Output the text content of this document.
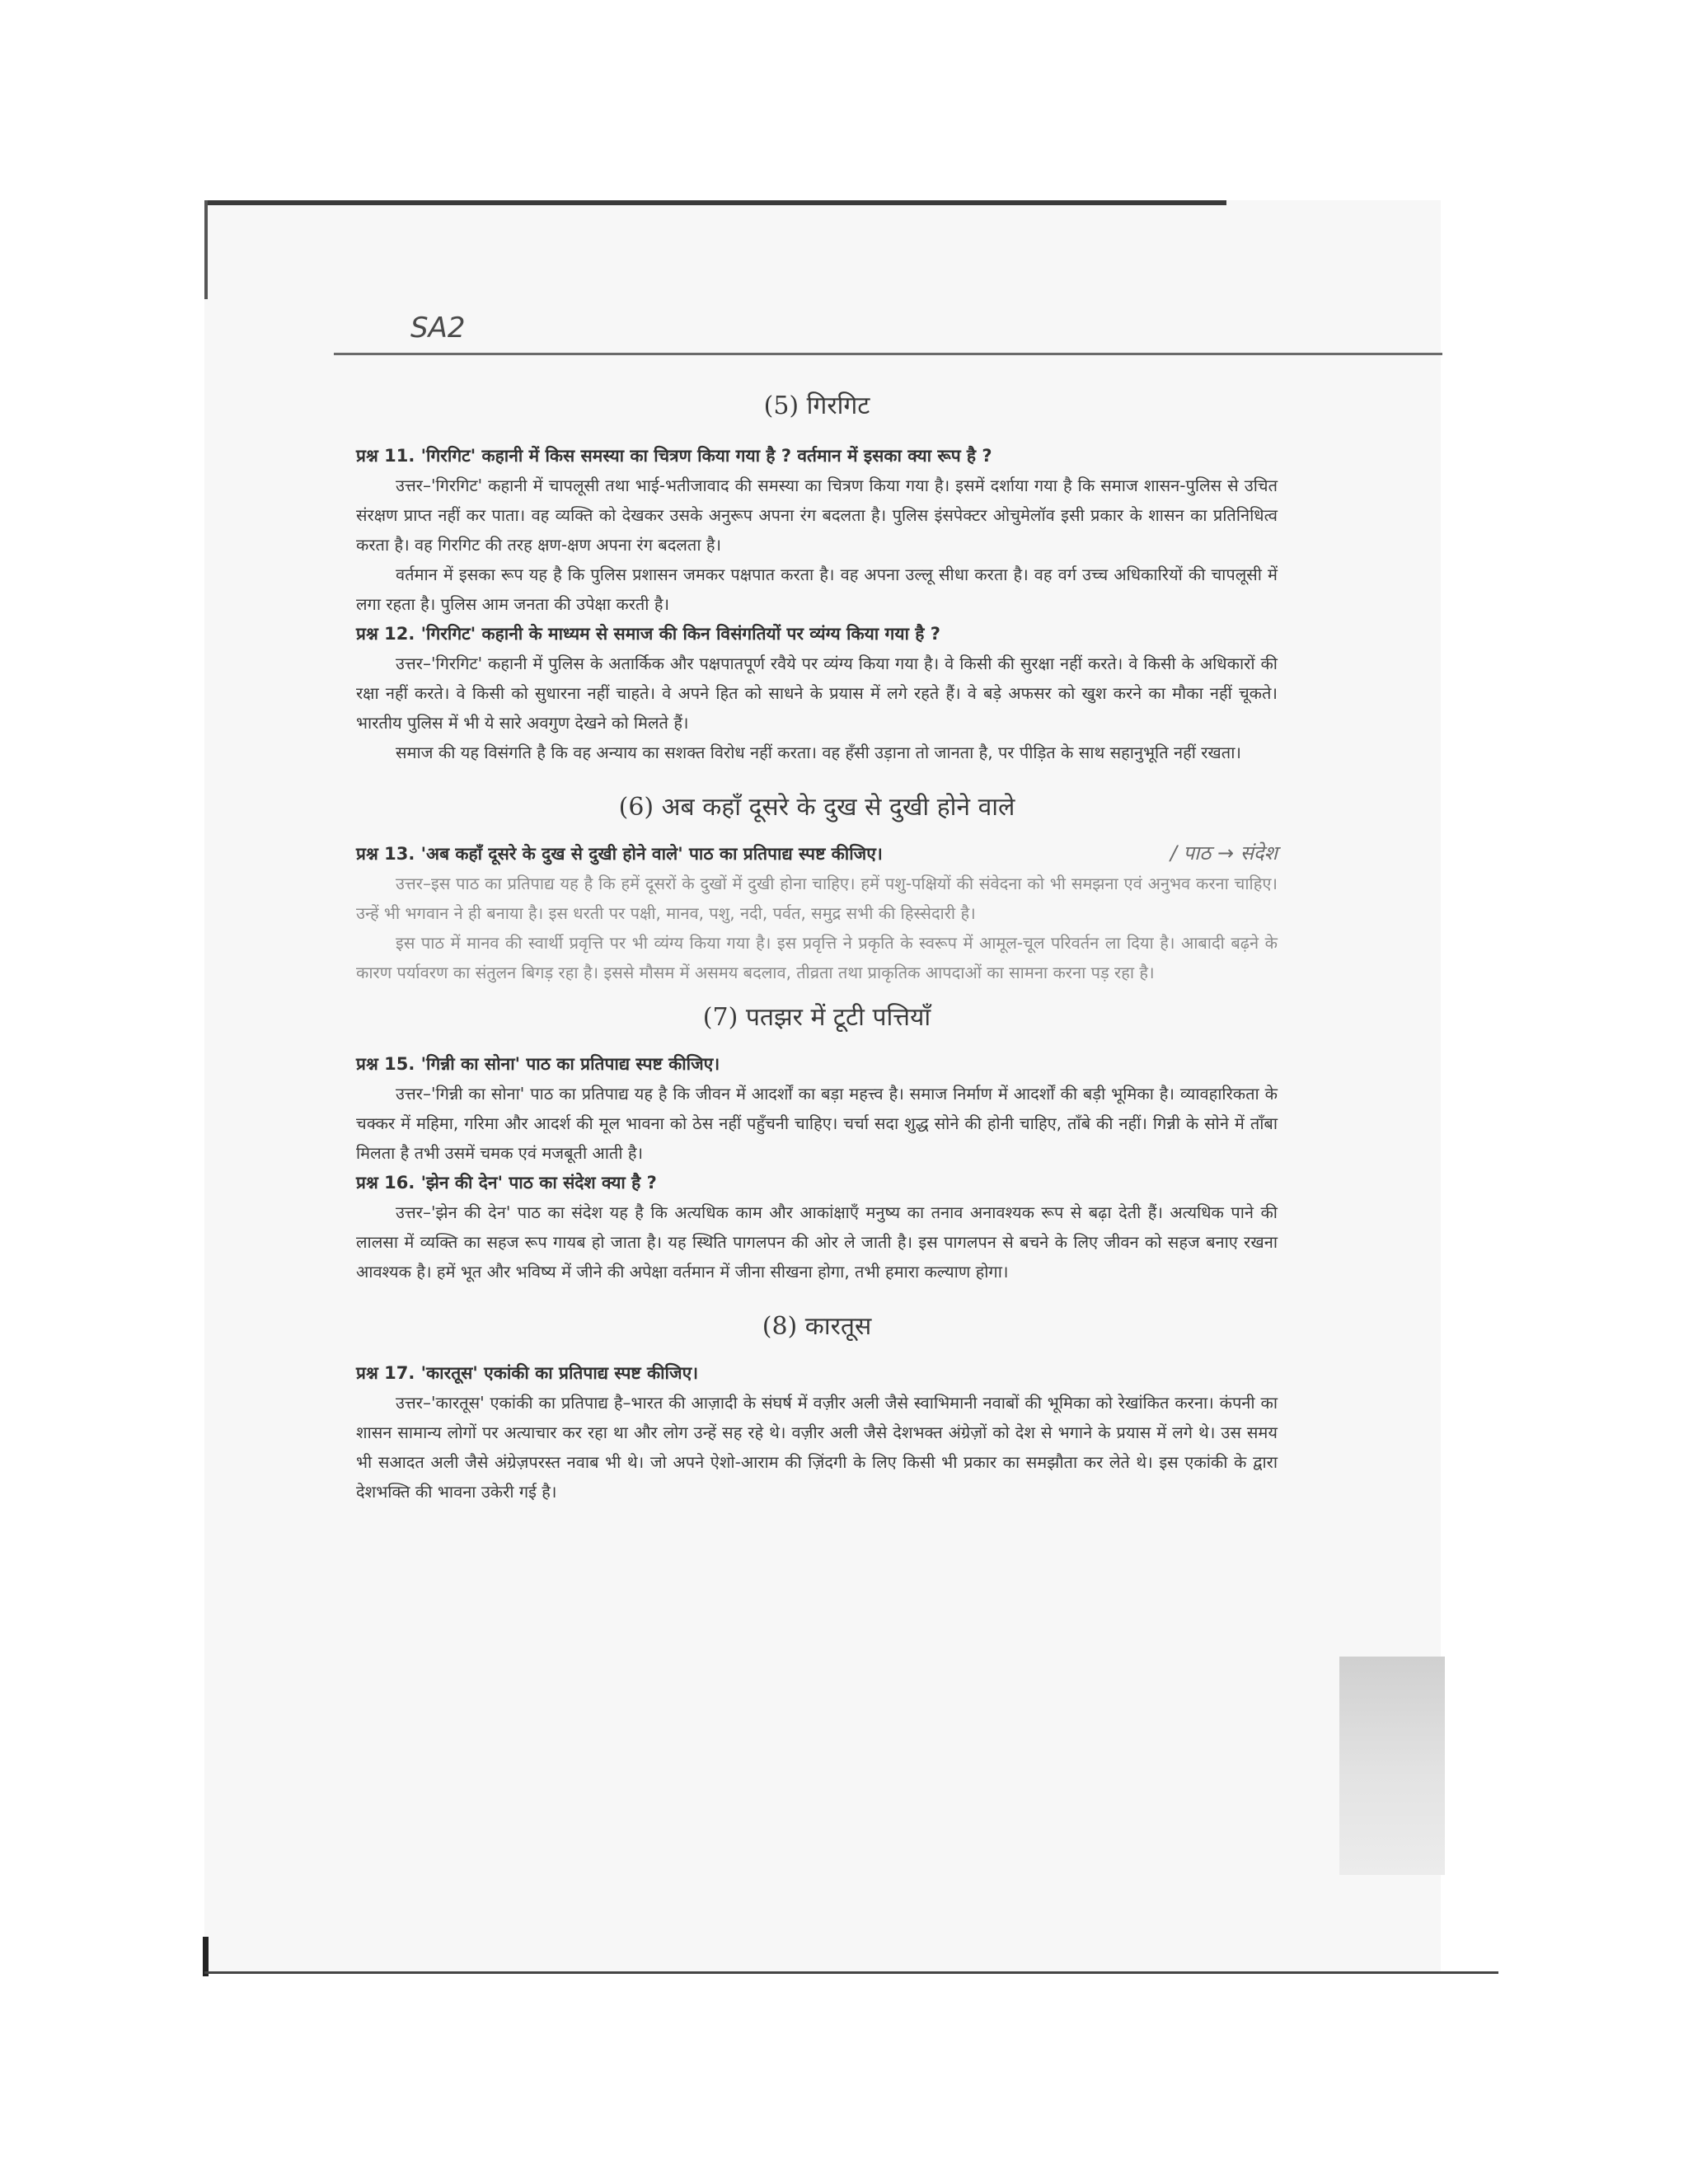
SA2
(5) गिरगिट

प्रश्न 11. 'गिरगिट' कहानी में किस समस्या का चित्रण किया गया है ? वर्तमान में इसका क्या रूप है ?

उत्तर–'गिरगिट' कहानी में चापलूसी तथा भाई-भतीजावाद की समस्या का चित्रण किया गया है। इसमें दर्शाया गया है कि समाज शासन-पुलिस से उचित संरक्षण प्राप्त नहीं कर पाता। वह व्यक्ति को देखकर उसके अनुरूप अपना रंग बदलता है। पुलिस इंसपेक्टर ओचुमेलॉव इसी प्रकार के शासन का प्रतिनिधित्व करता है। वह गिरगिट की तरह क्षण-क्षण अपना रंग बदलता है।

वर्तमान में इसका रूप यह है कि पुलिस प्रशासन जमकर पक्षपात करता है। वह अपना उल्लू सीधा करता है। वह वर्ग उच्च अधिकारियों की चापलूसी में लगा रहता है। पुलिस आम जनता की उपेक्षा करती है।

प्रश्न 12. 'गिरगिट' कहानी के माध्यम से समाज की किन विसंगतियों पर व्यंग्य किया गया है ?

उत्तर–'गिरगिट' कहानी में पुलिस के अतार्किक और पक्षपातपूर्ण रवैये पर व्यंग्य किया गया है। वे किसी की सुरक्षा नहीं करते। वे किसी के अधिकारों की रक्षा नहीं करते। वे किसी को सुधारना नहीं चाहते। वे अपने हित को साधने के प्रयास में लगे रहते हैं। वे बड़े अफसर को खुश करने का मौका नहीं चूकते। भारतीय पुलिस में भी ये सारे अवगुण देखने को मिलते हैं।

समाज की यह विसंगति है कि वह अन्याय का सशक्त विरोध नहीं करता। वह हँसी उड़ाना तो जानता है, पर पीड़ित के साथ सहानुभूति नहीं रखता।

(6) अब कहाँ दूसरे के दुख से दुखी होने वाले

प्रश्न 13. 'अब कहाँ दूसरे के दुख से दुखी होने वाले' पाठ का प्रतिपाद्य स्पष्ट कीजिए।	/ पाठ → संदेश

उत्तर–इस पाठ का प्रतिपाद्य यह है कि हमें दूसरों के दुखों में दुखी होना चाहिए। हमें पशु-पक्षियों की संवेदना को भी समझना एवं अनुभव करना चाहिए। उन्हें भी भगवान ने ही बनाया है। इस धरती पर पक्षी, मानव, पशु, नदी, पर्वत, समुद्र सभी की हिस्सेदारी है।

इस पाठ में मानव की स्वार्थी प्रवृत्ति पर भी व्यंग्य किया गया है। इस प्रवृत्ति ने प्रकृति के स्वरूप में आमूल-चूल परिवर्तन ला दिया है। आबादी बढ़ने के कारण पर्यावरण का संतुलन बिगड़ रहा है। इससे मौसम में असमय बदलाव, तीव्रता तथा प्राकृतिक आपदाओं का सामना करना पड़ रहा है।

(7) पतझर में टूटी पत्तियाँ

प्रश्न 15. 'गिन्नी का सोना' पाठ का प्रतिपाद्य स्पष्ट कीजिए।

उत्तर–'गिन्नी का सोना' पाठ का प्रतिपाद्य यह है कि जीवन में आदर्शों का बड़ा महत्त्व है। समाज निर्माण में आदर्शों की बड़ी भूमिका है। व्यावहारिकता के चक्कर में महिमा, गरिमा और आदर्श की मूल भावना को ठेस नहीं पहुँचनी चाहिए। चर्चा सदा शुद्ध सोने की होनी चाहिए, ताँबे की नहीं। गिन्नी के सोने में ताँबा मिलता है तभी उसमें चमक एवं मजबूती आती है।

प्रश्न 16. 'झेन की देन' पाठ का संदेश क्या है ?

उत्तर–'झेन की देन' पाठ का संदेश यह है कि अत्यधिक काम और आकांक्षाएँ मनुष्य का तनाव अनावश्यक रूप से बढ़ा देती हैं। अत्यधिक पाने की लालसा में व्यक्ति का सहज रूप गायब हो जाता है। यह स्थिति पागलपन की ओर ले जाती है। इस पागलपन से बचने के लिए जीवन को सहज बनाए रखना आवश्यक है। हमें भूत और भविष्य में जीने की अपेक्षा वर्तमान में जीना सीखना होगा, तभी हमारा कल्याण होगा।

(8) कारतूस

प्रश्न 17. 'कारतूस' एकांकी का प्रतिपाद्य स्पष्ट कीजिए।

उत्तर–'कारतूस' एकांकी का प्रतिपाद्य है–भारत की आज़ादी के संघर्ष में वज़ीर अली जैसे स्वाभिमानी नवाबों की भूमिका को रेखांकित करना। कंपनी का शासन सामान्य लोगों पर अत्याचार कर रहा था और लोग उन्हें सह रहे थे। वज़ीर अली जैसे देशभक्त अंग्रेज़ों को देश से भगाने के प्रयास में लगे थे। उस समय भी सआदत अली जैसे अंग्रेज़परस्त नवाब भी थे। जो अपने ऐशो-आराम की ज़िंदगी के लिए किसी भी प्रकार का समझौता कर लेते थे। इस एकांकी के द्वारा देशभक्ति की भावना उकेरी गई है।
